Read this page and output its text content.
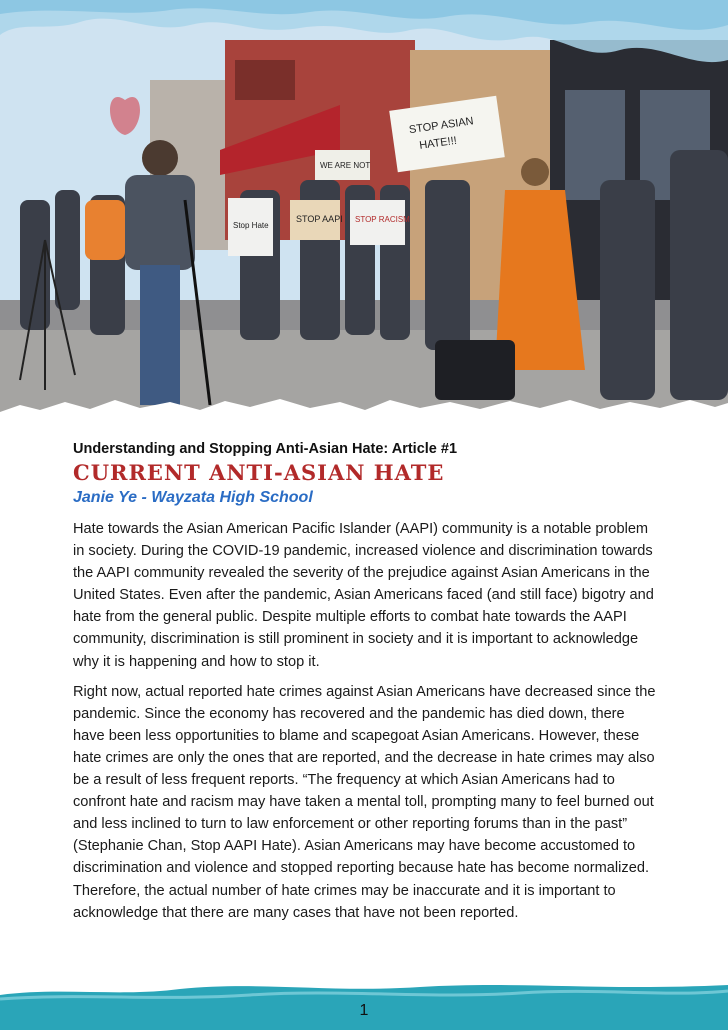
STOP ASIAN
HATE!!!
WE ARE NOT
STOP AAPI STOP RACISM
Stop Hate

Understanding and Stopping Anti-Asian Hate: Article #1

CURRENT ANTI-ASIAN HATE

Janie Ye - Wayzata High School

Hate towards the Asian American Pacific Islander (AAPI) community is a notable problem in society. During the COVID-19 pandemic, increased violence and discrimination towards the AAPI community revealed the severity of the prejudice against Asian Americans in the United States. Even after the pandemic, Asian Americans faced (and still face) bigotry and hate from the general public. Despite multiple efforts to combat hate towards the AAPI community, discrimination is still prominent in society and it is important to acknowledge why it is happening and how to stop it.

Right now, actual reported hate crimes against Asian Americans have decreased since the pandemic. Since the economy has recovered and the pandemic has died down, there have been less opportunities to blame and scapegoat Asian Americans. However, these hate crimes are only the ones that are reported, and the decrease in hate crimes may also be a result of less frequent reports. “The frequency at which Asian Americans had to confront hate and racism may have taken a mental toll, prompting many to feel burned out and less inclined to turn to law enforcement or other reporting forums than in the past” (Stephanie Chan, Stop AAPI Hate). Asian Americans may have become accustomed to discrimination and violence and stopped reporting because hate has become normalized. Therefore, the actual number of hate crimes may be inaccurate and it is important to acknowledge that there are many cases that have not been reported.

1
